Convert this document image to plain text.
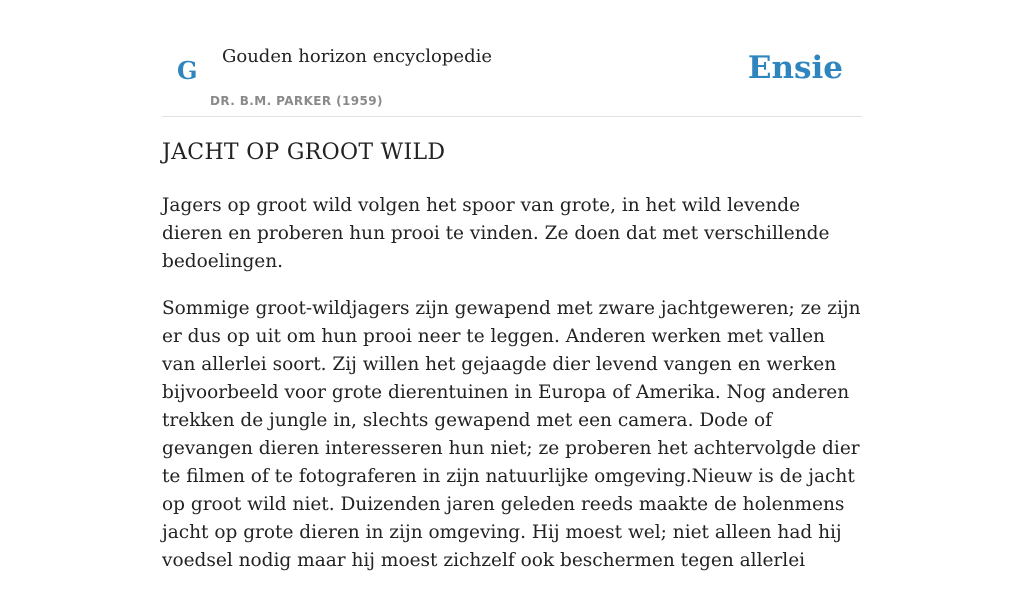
G Gouden horizon encyclopedie
DR. B.M. PARKER (1959)
Ensie
JACHT OP GROOT WILD

Jagers op groot wild volgen het spoor van grote, in het wild levende dieren en proberen hun prooi te vinden. Ze doen dat met verschillende bedoelingen.

Sommige groot-wildjagers zijn gewapend met zware jachtgeweren; ze zijn er dus op uit om hun prooi neer te leggen. Anderen werken met vallen van allerlei soort. Zij willen het gejaagde dier levend vangen en werken bijvoorbeeld voor grote dierentuinen in Europa of Amerika. Nog anderen trekken de jungle in, slechts gewapend met een camera. Dode of gevangen dieren interesseren hun niet; ze proberen het achtervolgde dier te filmen of te fotograferen in zijn natuurlijke omgeving.Nieuw is de jacht op groot wild niet. Duizenden jaren geleden reeds maakte de holenmens jacht op grote dieren in zijn omgeving. Hij moest wel; niet alleen had hij voedsel nodig maar hij moest zichzelf ook beschermen tegen allerlei
